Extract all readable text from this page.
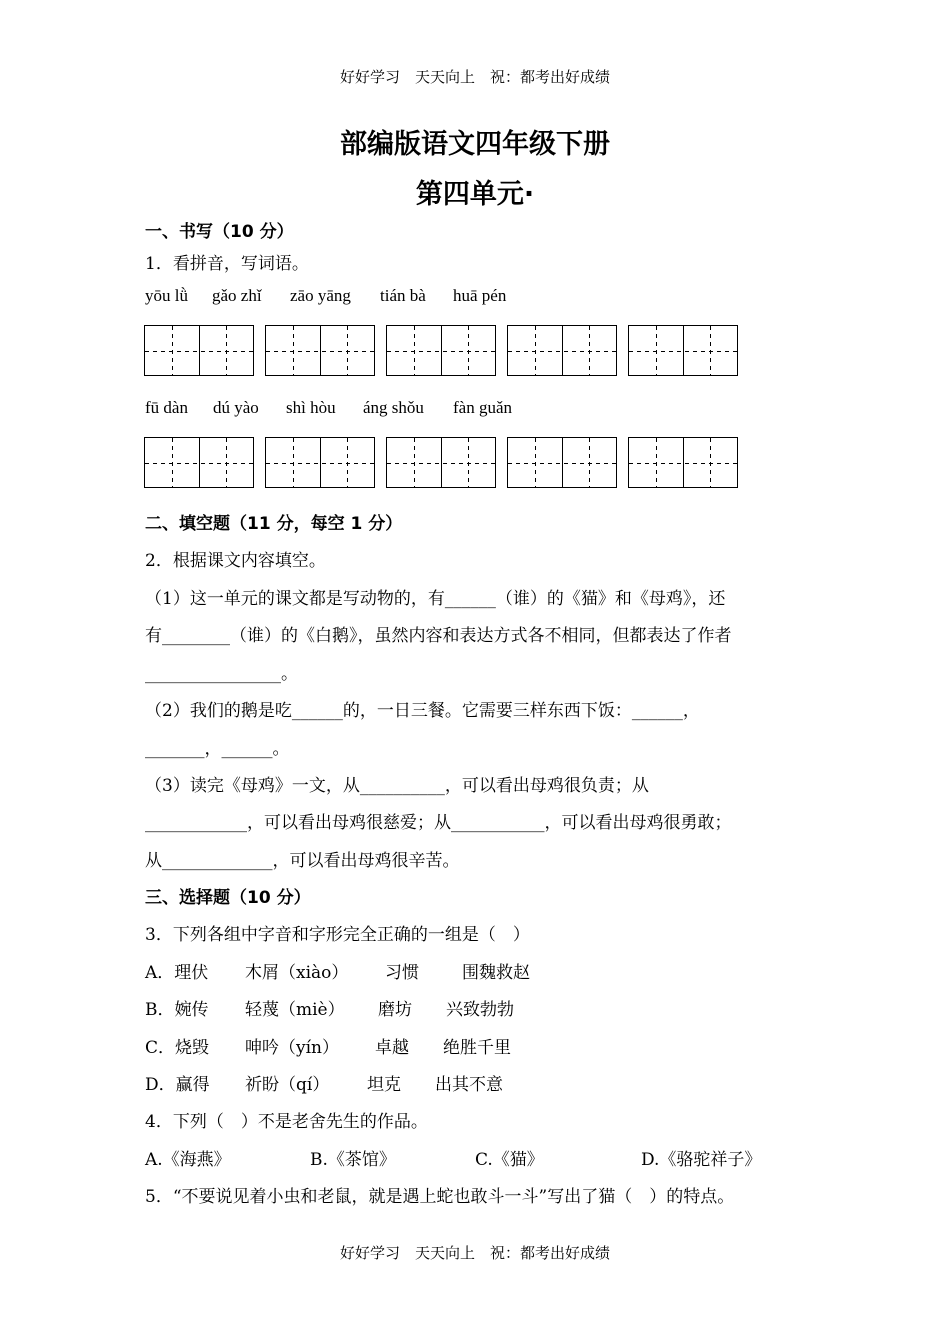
好好学习　天天向上　祝：都考出好成绩
部编版语文四年级下册
第四单元·
一、书写（10 分）
1．看拼音，写词语。
yōu lǜ gǎo zhǐ zāo yāng tián bà huā pén
fū dàn dú yào shì hòu áng shǒu fàn guǎn
二、填空题（11 分，每空 1 分）
2．根据课文内容填空。
（1）这一单元的课文都是写动物的，有______（谁）的《猫》和《母鸡》，还
有________（谁）的《白鹅》，虽然内容和表达方式各不相同，但都表达了作者
________________。
（2）我们的鹅是吃______的，一日三餐。它需要三样东西下饭：______，
_______，______。
（3）读完《母鸡》一文，从__________，可以看出母鸡很负责；从
____________，可以看出母鸡很慈爱；从___________，可以看出母鸡很勇敢；
从_____________，可以看出母鸡很辛苦。
三、选择题（10 分）
3．下列各组中字音和字形完全正确的一组是（　）
A．理伏 木屑（xiào） 习惯	围魏救赵
B．婉传 轻蔑（miè） 磨坊 兴致勃勃
C．烧毁 呻吟（yín） 卓越 绝胜千里
D．赢得 祈盼（qí） 坦克 出其不意
4．下列（　）不是老舍先生的作品。
A.《海燕》	B.《茶馆》	C.《猫》	D.《骆驼祥子》
5．“不要说见着小虫和老鼠，就是遇上蛇也敢斗一斗”写出了猫（　）的特点。
好好学习　天天向上　祝：都考出好成绩
